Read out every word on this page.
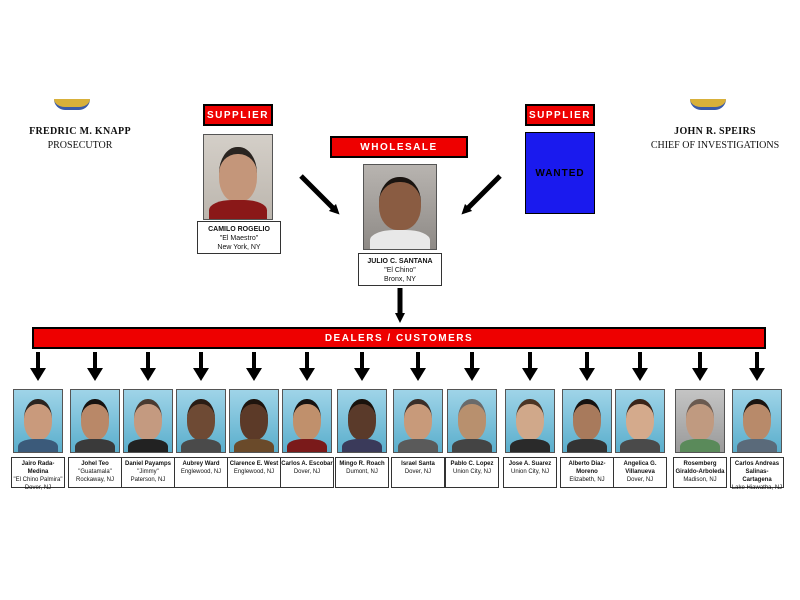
FREDRIC M. KNAPP
PROSECUTOR
JOHN R. SPEIRS
CHIEF OF INVESTIGATIONS
SUPPLIER
CAMILO ROGELIO
"El Maestro"
New York, NY
WHOLESALE
JULIO C. SANTANA
"El Chino"
Bronx, NY
SUPPLIER
WANTED
DEALERS / CUSTOMERS
Jairo Rada-Medina
"El Chino Palmira"
Dover, NJ
Johel Teo
"Guatamala"
Rockaway, NJ
Daniel Payamps
"Jimmy"
Paterson, NJ
Aubrey Ward
Englewood, NJ
Clarence E. West
Englewood, NJ
Carlos A. Escobar
Dover, NJ
Mingo R. Roach
Dumont, NJ
Israel Santa
Dover, NJ
Pablo C. Lopez
Union City, NJ
Jose A. Suarez
Union City, NJ
Alberto Diaz-Moreno
Elizabeth, NJ
Angelica G. Villanueva
Dover, NJ
Rosemberg Giraldo-Arboleda
Madison, NJ
Carlos Andreas Salinas-Cartagena
Lake Hiawatha, NJ
